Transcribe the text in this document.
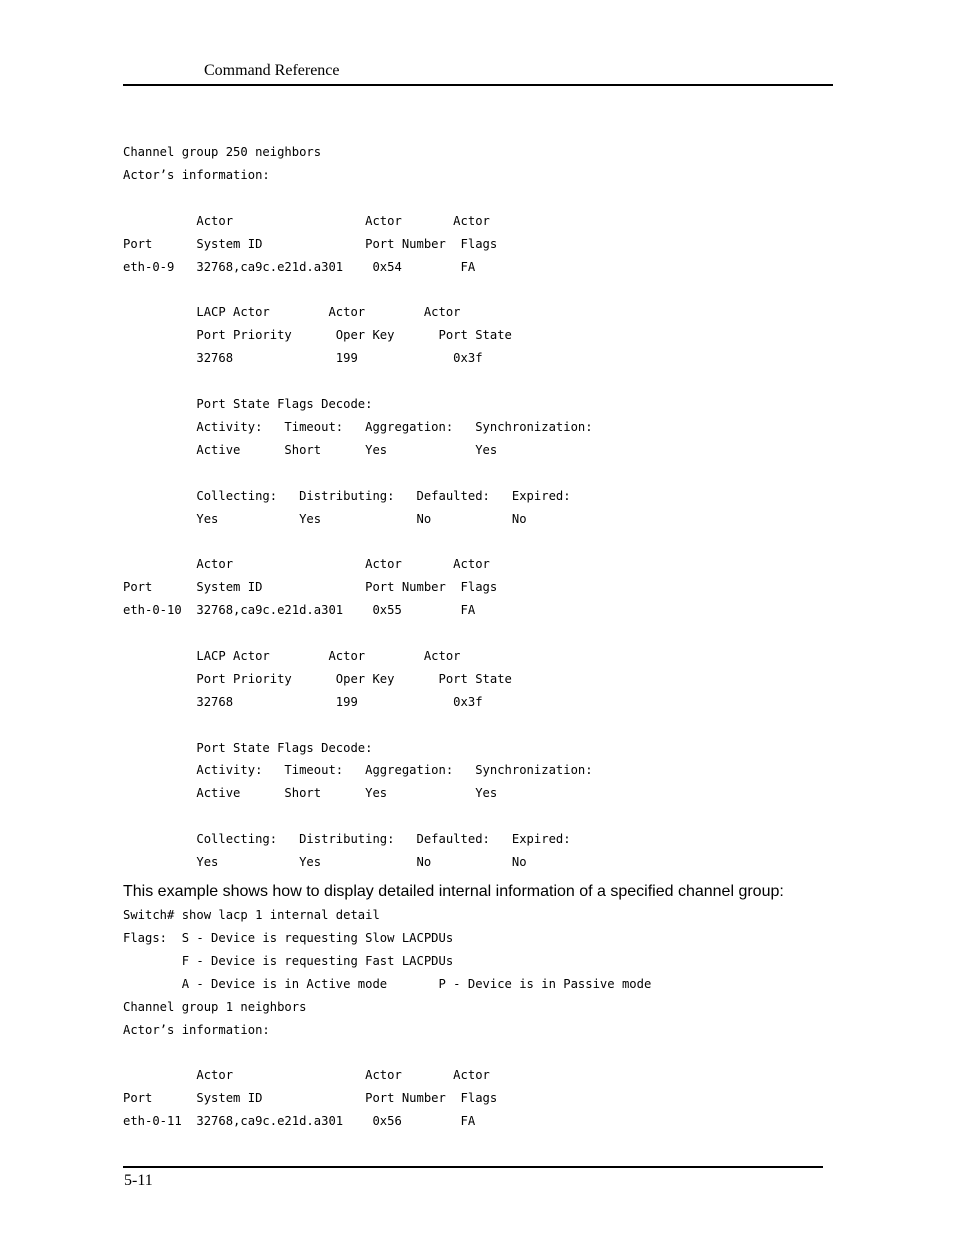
Command Reference
Channel group 250 neighbors
Actor’s information:

Actor                  Actor       Actor
Port      System ID              Port Number  Flags
eth-0-9   32768,ca9c.e21d.a301    0x54        FA

LACP Actor        Actor        Actor
Port Priority      Oper Key      Port State
32768              199             0x3f

Port State Flags Decode:
Activity:   Timeout:   Aggregation:   Synchronization:
Active      Short      Yes            Yes

Collecting:   Distributing:   Defaulted:   Expired:
Yes           Yes             No           No

Actor                  Actor       Actor
Port      System ID              Port Number  Flags
eth-0-10  32768,ca9c.e21d.a301    0x55        FA

LACP Actor        Actor        Actor
Port Priority      Oper Key      Port State
32768              199             0x3f

Port State Flags Decode:
Activity:   Timeout:   Aggregation:   Synchronization:
Active      Short      Yes            Yes

Collecting:   Distributing:   Defaulted:   Expired:
Yes           Yes             No           No

This example shows how to display detailed internal information of a specified channel group:

Switch# show lacp 1 internal detail
Flags:  S - Device is requesting Slow LACPDUs
F - Device is requesting Fast LACPDUs
A - Device is in Active mode       P - Device is in Passive mode
Channel group 1 neighbors
Actor’s information:

Actor                  Actor       Actor
Port      System ID              Port Number  Flags
eth-0-11  32768,ca9c.e21d.a301    0x56        FA
5-11
